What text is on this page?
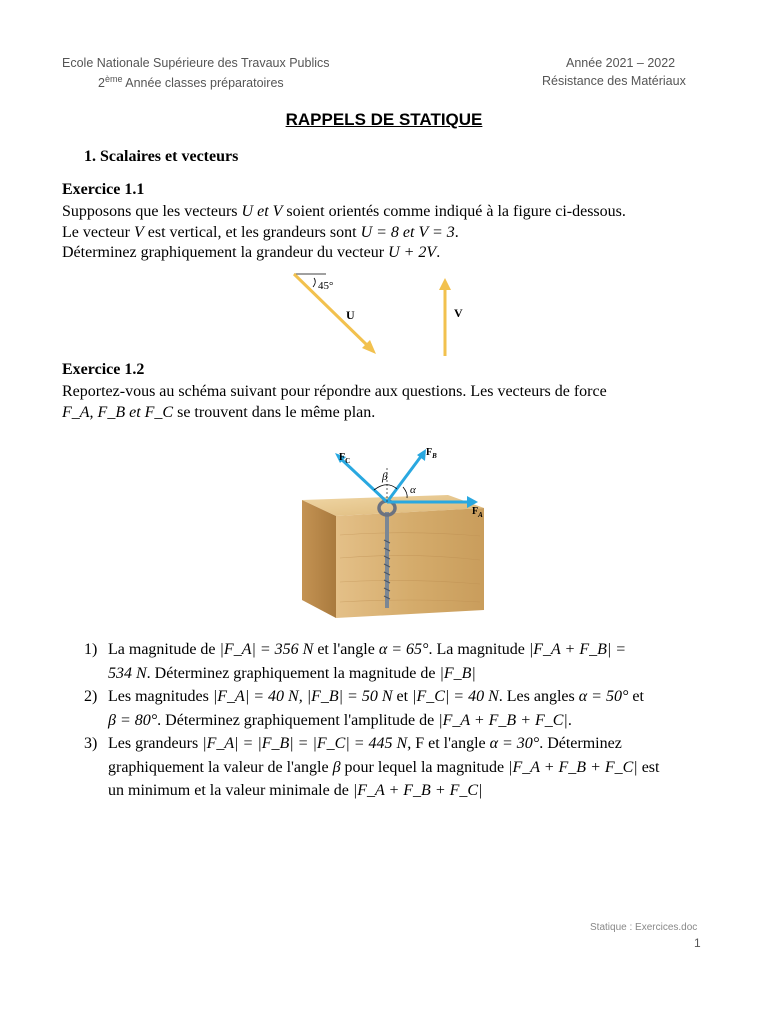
Ecole Nationale Supérieure des Travaux Publics
2ème Année classes préparatoires
Année 2021 – 2022
Résistance des Matériaux
RAPPELS DE STATIQUE
1. Scalaires et vecteurs
Exercice 1.1

Supposons que les vecteurs U et V soient orientés comme indiqué à la figure ci-dessous.

Le vecteur V est vertical, et les grandeurs sont U = 8 et V = 3.

Déterminez graphiquement la grandeur du vecteur U + 2V.

45°
U	V
Exercice 1.2

Reportez-vous au schéma suivant pour répondre aux questions. Les vecteurs de force

F_A, F_B et F_C se trouvent dans le même plan.

β
α
$F_C$
$F_B$
$F_A$
1) La magnitude de |F_A| = 356 N et l'angle α = 65°. La magnitude |F_A + F_B| =
534 N. Déterminez graphiquement la magnitude de |F_B|
2) Les magnitudes |F_A| = 40 N, |F_B| = 50 N et |F_C| = 40 N. Les angles α = 50° et
β = 80°. Déterminez graphiquement l'amplitude de |F_A + F_B + F_C|.
3) Les grandeurs |F_A| = |F_B| = |F_C| = 445 N, F et l'angle α = 30°. Déterminez
graphiquement la valeur de l'angle β pour lequel la magnitude |F_A + F_B + F_C| est
un minimum et la valeur minimale de |F_A + F_B + F_C|
Statique : Exercices.doc
1
